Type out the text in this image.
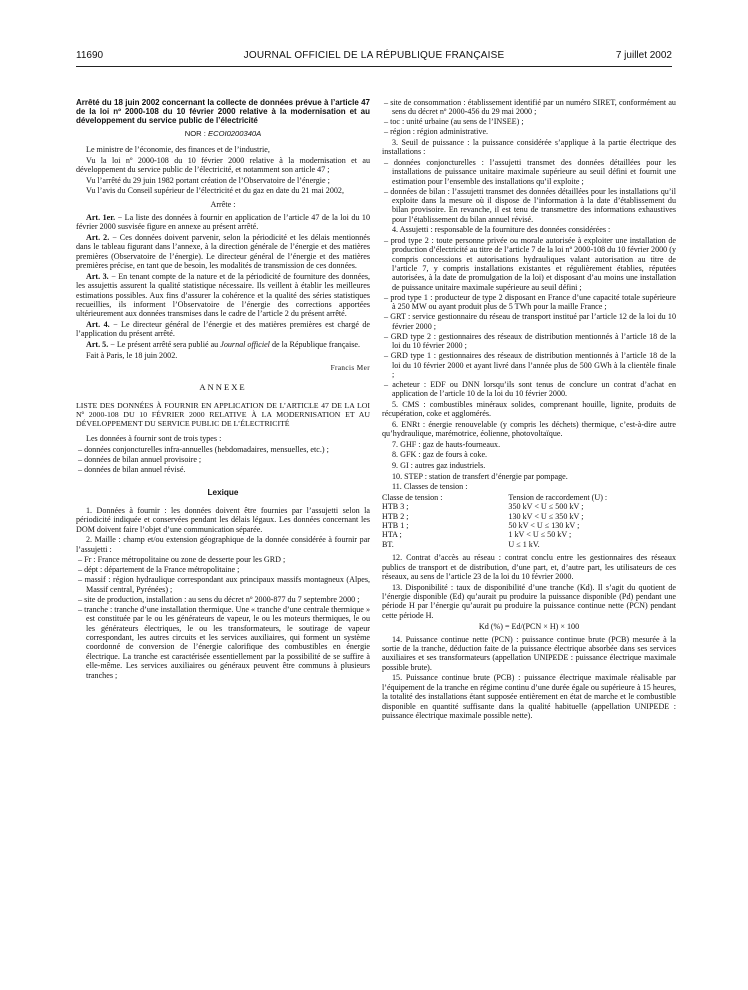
11690	JOURNAL OFFICIEL DE LA RÉPUBLIQUE FRANÇAISE	7 juillet 2002

Arrêté du 18 juin 2002 concernant la collecte de données prévue à l’article 47 de la loi nº 2000-108 du 10 février 2000 relative à la modernisation et au développement du service public de l’électricité

NOR : ECOI0200340A

Le ministre de l’économie, des finances et de l’industrie,

Vu la loi nº 2000-108 du 10 février 2000 relative à la modernisation et au développement du service public de l’électricité, et notamment son article 47 ;

Vu l’arrêté du 29 juin 1982 portant création de l’Observatoire de l’énergie ;

Vu l’avis du Conseil supérieur de l’électricité et du gaz en date du 21 mai 2002,

Arrête :

Art. 1er. − La liste des données à fournir en application de l’article 47 de la loi du 10 février 2000 susvisée figure en annexe au présent arrêté.

Art. 2. − Ces données doivent parvenir, selon la périodicité et les délais mentionnés dans le tableau figurant dans l’annexe, à la direction générale de l’énergie et des matières premières (Observatoire de l’énergie). Le directeur général de l’énergie et des matières premières précise, en tant que de besoin, les modalités de transmission de ces données.

Art. 3. − En tenant compte de la nature et de la périodicité de fourniture des données, les assujettis assurent la qualité statistique nécessaire. Ils veillent à établir les meilleures estimations possibles. Aux fins d’assurer la cohérence et la qualité des séries statistiques recueillies, ils informent l’Observatoire de l’énergie des corrections apportées ultérieurement aux données transmises dans le cadre de l’article 2 du présent arrêté.

Art. 4. − Le directeur général de l’énergie et des matières premières est chargé de l’application du présent arrêté.

Art. 5. − Le présent arrêté sera publié au Journal officiel de la République française.

Fait à Paris, le 18 juin 2002.

Francis Mer

ANNEXE

LISTE DES DONNÉES À FOURNIR EN APPLICATION DE L’ARTICLE 47 DE LA LOI Nº 2000-108 DU 10 FÉVRIER 2000 RELATIVE À LA MODERNISATION ET AU DÉVELOPPEMENT DU SERVICE PUBLIC DE L’ÉLECTRICITÉ

Les données à fournir sont de trois types :

– données conjoncturelles infra-annuelles (hebdomadaires, mensuelles, etc.) ;
– données de bilan annuel provisoire ;
– données de bilan annuel révisé.

Lexique

1. Données à fournir : les données doivent être fournies par l’assujetti selon la périodicité indiquée et conservées pendant les délais légaux. Les données concernant les DOM doivent faire l’objet d’une communication séparée.

2. Maille : champ et/ou extension géographique de la donnée considérée à fournir par l’assujetti :

– Fr : France métropolitaine ou zone de desserte pour les GRD ;
– dépt : département de la France métropolitaine ;
– massif : région hydraulique correspondant aux principaux massifs montagneux (Alpes, Massif central, Pyrénées) ;
– site de production, installation : au sens du décret nº 2000-877 du 7 septembre 2000 ;
– tranche : tranche d’une installation thermique. Une « tranche d’une centrale thermique » est constituée par le ou les générateurs de vapeur, le ou les moteurs thermiques, le ou les générateurs électriques, le ou les transformateurs, le soutirage de vapeur correspondant, les autres circuits et les services auxiliaires, qui forment un système coordonné de conversion de l’énergie calorifique des combustibles en énergie électrique. La tranche est caractérisée essentiellement par la possibilité de se suffire à elle-même. Les services auxiliaires ou généraux peuvent être communs à plusieurs tranches ;
– site de consommation : établissement identifié par un numéro SIRET, conformément au sens du décret nº 2000-456 du 29 mai 2000 ;
– toc : unité urbaine (au sens de l’INSEE) ;
– région : région administrative.

3. Seuil de puissance : la puissance considérée s’applique à la partie électrique des installations :

– données conjoncturelles : l’assujetti transmet des données détaillées pour les installations de puissance unitaire maximale supérieure au seuil défini et fournit une estimation pour l’ensemble des installations qu’il exploite ;
– données de bilan : l’assujetti transmet des données détaillées pour les installations qu’il exploite dans la mesure où il dispose de l’information à la date d’établissement du bilan provisoire. En revanche, il est tenu de transmettre des informations exhaustives pour l’établissement du bilan annuel révisé.

4. Assujetti : responsable de la fourniture des données considérées :

– prod type 2 : toute personne privée ou morale autorisée à exploiter une installation de production d’électricité au titre de l’article 7 de la loi nº 2000-108 du 10 février 2000 (y compris concessions et autorisations hydrauliques valant autorisation au titre de l’article 7, y compris installations existantes et régulièrement établies, réputées autorisées, à la date de promulgation de la loi) et disposant d’au moins une installation de puissance unitaire maximale supérieure au seuil défini ;
– prod type 1 : producteur de type 2 disposant en France d’une capacité totale supérieure à 250 MW ou ayant produit plus de 5 TWh pour la maille France ;
– GRT : service gestionnaire du réseau de transport institué par l’article 12 de la loi du 10 février 2000 ;
– GRD type 2 : gestionnaires des réseaux de distribution mentionnés à l’article 18 de la loi du 10 février 2000 ;
– GRD type 1 : gestionnaires des réseaux de distribution mentionnés à l’article 18 de la loi du 10 février 2000 et ayant livré dans l’année plus de 500 GWh à la clientèle finale ;
– acheteur : EDF ou DNN lorsqu’ils sont tenus de conclure un contrat d’achat en application de l’article 10 de la loi du 10 février 2000.

5. CMS : combustibles minéraux solides, comprenant houille, lignite, produits de récupération, coke et agglomérés.

6. ENRt : énergie renouvelable (y compris les déchets) thermique, c’est-à-dire autre qu’hydraulique, marémotrice, éolienne, photovoltaïque.

7. GHF : gaz de hauts-fourneaux.

8. GFK : gaz de fours à coke.

9. GI : autres gaz industriels.

10. STEP : station de transfert d’énergie par pompage.

11. Classes de tension :

Classe de tension :	Tension de raccordement (U) :
HTB 3 ;	350 kV < U ≤ 500 kV ;
HTB 2 ;	130 kV < U ≤ 350 kV ;
HTB 1 ;	50 kV < U ≤ 130 kV ;
HTA ;	1 kV < U ≤ 50 kV ;
BT.	U ≤ 1 kV.

12. Contrat d’accès au réseau : contrat conclu entre les gestionnaires des réseaux publics de transport et de distribution, d’une part, et, d’autre part, les utilisateurs de ces réseaux, au sens de l’article 23 de la loi du 10 février 2000.

13. Disponibilité : taux de disponibilité d’une tranche (Kd). Il s’agit du quotient de l’énergie disponible (Ed) qu’aurait pu produire la puissance disponible (Pd) pendant une période H par l’énergie qu’aurait pu produire la puissance continue nette (PCN) pendant cette période H.

Kd (%) = Ed/(PCN × H) × 100

14. Puissance continue nette (PCN) : puissance continue brute (PCB) mesurée à la sortie de la tranche, déduction faite de la puissance électrique absorbée dans ses services auxiliaires et ses transformateurs (appellation UNIPEDE : puissance électrique maximale possible brute).

15. Puissance continue brute (PCB) : puissance électrique maximale réalisable par l’équipement de la tranche en régime continu d’une durée égale ou supérieure à 15 heures, la totalité des installations étant supposée entièrement en état de marche et le combustible disponible en quantité suffisante dans la qualité habituelle (appellation UNIPEDE : puissance électrique maximale possible nette).
